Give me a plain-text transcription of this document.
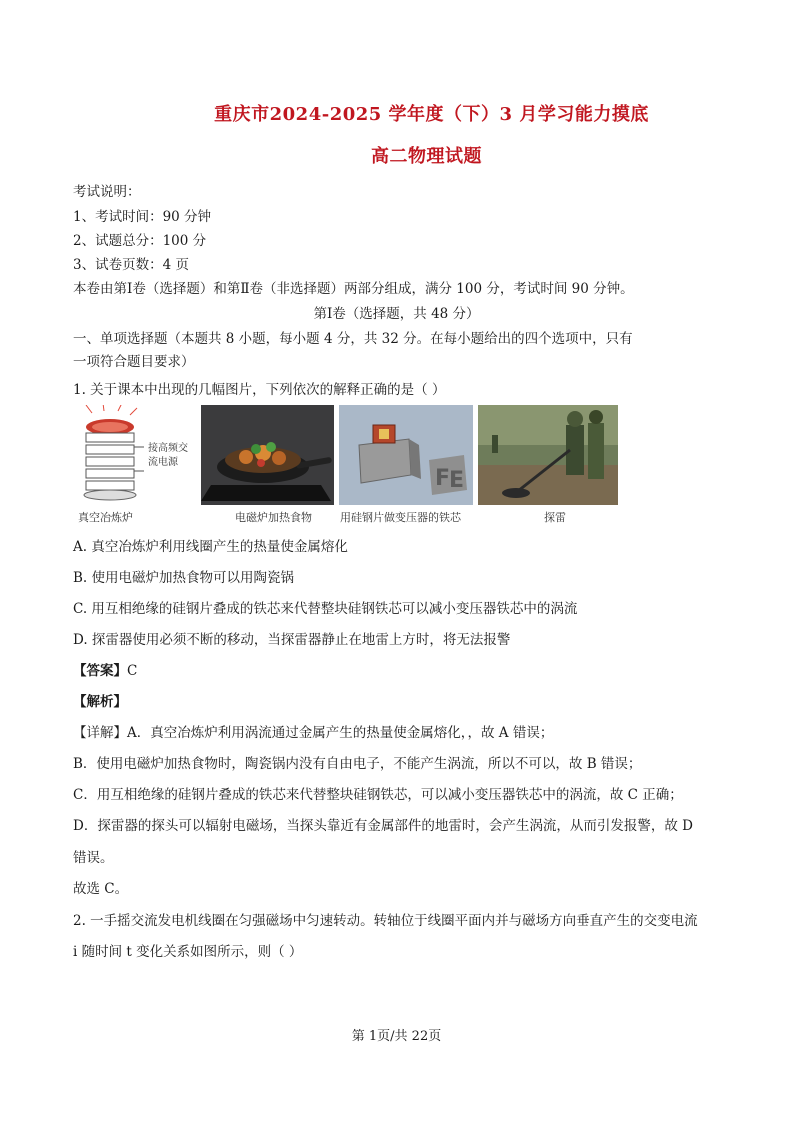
重庆市2024-2025 学年度（下）3 月学习能力摸底
高二物理试题
考试说明：
1、考试时间：90 分钟
2、试题总分：100 分
3、试卷页数：4 页
本卷由第Ⅰ卷（选择题）和第Ⅱ卷（非选择题）两部分组成，满分 100 分，考试时间 90 分钟。
第Ⅰ卷（选择题，共 48 分）
一、单项选择题（本题共 8 小题，每小题 4 分，共 32 分。在每小题给出的四个选项中，只有
一项符合题目要求）
1. 关于课本中出现的几幅图片，下列依次的解释正确的是（ ）
接高频交
流电源
F
E
真空冶炼炉	电磁炉加热食物	用硅钢片做变压器的铁芯	探雷
A. 真空冶炼炉利用线圈产生的热量使金属熔化
B. 使用电磁炉加热食物可以用陶瓷锅
C. 用互相绝缘的硅钢片叠成的铁芯来代替整块硅钢铁芯可以减小变压器铁芯中的涡流
D. 探雷器使用必须不断的移动，当探雷器静止在地雷上方时，将无法报警
【答案】C
【解析】
【详解】A．真空冶炼炉利用涡流通过金属产生的热量使金属熔化，，故 A 错误；
B．使用电磁炉加热食物时，陶瓷锅内没有自由电子，不能产生涡流，所以不可以，故 B 错误；
C．用互相绝缘的硅钢片叠成的铁芯来代替整块硅钢铁芯，可以减小变压器铁芯中的涡流，故 C 正确；
D．探雷器的探头可以辐射电磁场，当探头靠近有金属部件的地雷时，会产生涡流，从而引发报警，故 D
错误。
故选 C。
2. 一手摇交流发电机线圈在匀强磁场中匀速转动。转轴位于线圈平面内并与磁场方向垂直产生的交变电流
i 随时间 t 变化关系如图所示，则（ ）
第 1页/共 22页
